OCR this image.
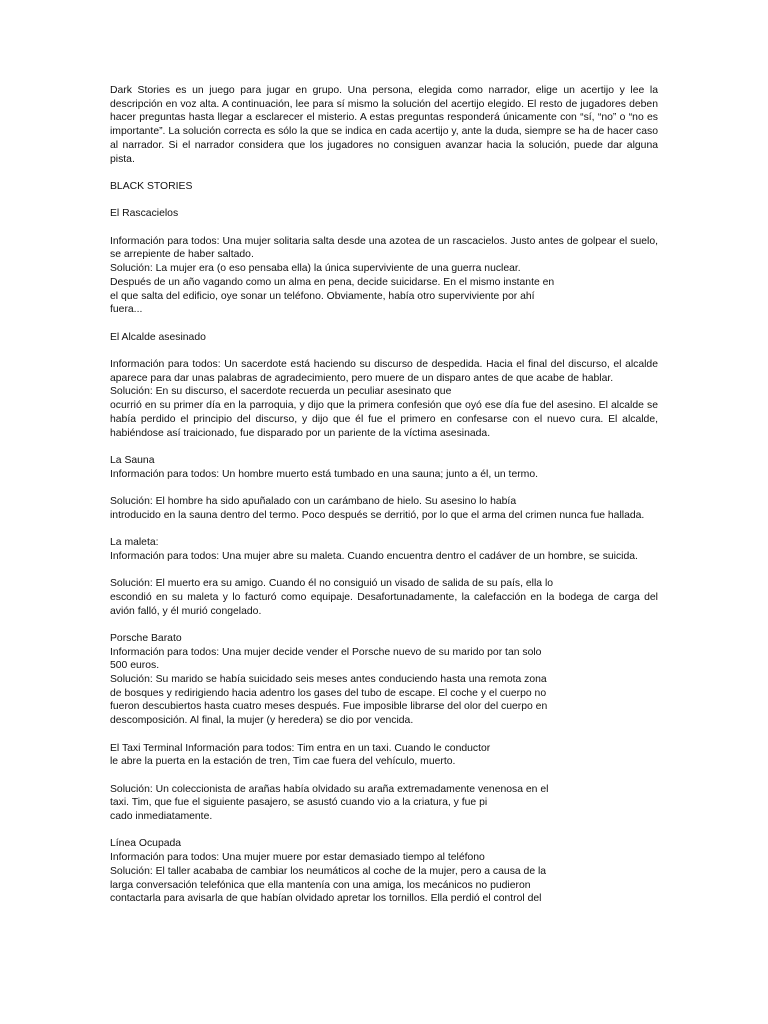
Dark Stories es un juego para jugar en grupo. Una persona, elegida como narrador, elige un acertijo y lee la descripción en voz alta. A continuación, lee para sí mismo la solución del acertijo elegido. El resto de jugadores deben hacer preguntas hasta llegar a esclarecer el misterio. A estas preguntas responderá únicamente con “sí, “no” o “no es importante”. La solución correcta es sólo la que se indica en cada acertijo y, ante la duda, siempre se ha de hacer caso al narrador. Si el narrador considera que los jugadores no consiguen avanzar hacia la solución, puede dar alguna pista.

BLACK STORIES

El Rascacielos

Información para todos: Una mujer solitaria salta desde una azotea de un rascacielos. Justo antes de golpear el suelo, se arrepiente de haber saltado.

Solución: La mujer era (o eso pensaba ella) la única superviviente de una guerra nuclear.

Después de un año vagando como un alma en pena, decide suicidarse. En el mismo instante en

el que salta del edificio, oye sonar un teléfono. Obviamente, había otro superviviente por ahí

fuera...

El Alcalde asesinado

Información para todos: Un sacerdote está haciendo su discurso de despedida. Hacia el final del discurso, el alcalde aparece para dar unas palabras de agradecimiento, pero muere de un disparo antes de que acabe de hablar.

Solución: En su discurso, el sacerdote recuerda un peculiar asesinato que

ocurrió en su primer día en la parroquia, y dijo que la primera confesión que oyó ese día fue del asesino. El alcalde se había perdido el principio del discurso, y dijo que él fue el primero en confesarse con el nuevo cura. El alcalde, habiéndose así traicionado, fue disparado por un pariente de la víctima asesinada.

La Sauna

Información para todos: Un hombre muerto está tumbado en una sauna; junto a él, un termo.

Solución: El hombre ha sido apuñalado con un carámbano de hielo. Su asesino lo había

introducido en la sauna dentro del termo. Poco después se derritió, por lo que el arma del crimen nunca fue hallada.

La maleta:

Información para todos: Una mujer abre su maleta. Cuando encuentra dentro el cadáver de un hombre, se suicida.

Solución: El muerto era su amigo. Cuando él no consiguió un visado de salida de su país, ella lo

escondió en su maleta y lo facturó como equipaje. Desafortunadamente, la calefacción en la bodega de carga del avión falló, y él murió congelado.

Porsche Barato

Información para todos: Una mujer decide vender el Porsche nuevo de su marido por tan solo

500 euros.

Solución: Su marido se había suicidado seis meses antes conduciendo hasta una remota zona

de bosques y redirigiendo hacia adentro los gases del tubo de escape. El coche y el cuerpo no

fueron descubiertos hasta cuatro meses después. Fue imposible librarse del olor del cuerpo en

descomposición. Al final, la mujer (y heredera) se dio por vencida.

El Taxi Terminal Información para todos: Tim entra en un taxi. Cuando le conductor

le abre la puerta en la estación de tren, Tim cae fuera del vehículo, muerto.

Solución: Un coleccionista de arañas había olvidado su araña extremadamente venenosa en el

taxi. Tim, que fue el siguiente pasajero, se asustó cuando vio a la criatura, y fue pi

cado inmediatamente.

Línea Ocupada

Información para todos: Una mujer muere por estar demasiado tiempo al teléfono

Solución: El taller acababa de cambiar los neumáticos al coche de la mujer, pero a causa de la

larga conversación telefónica que ella mantenía con una amiga, los mecánicos no pudieron

contactarla para avisarla de que habían olvidado apretar los tornillos. Ella perdió el control del
